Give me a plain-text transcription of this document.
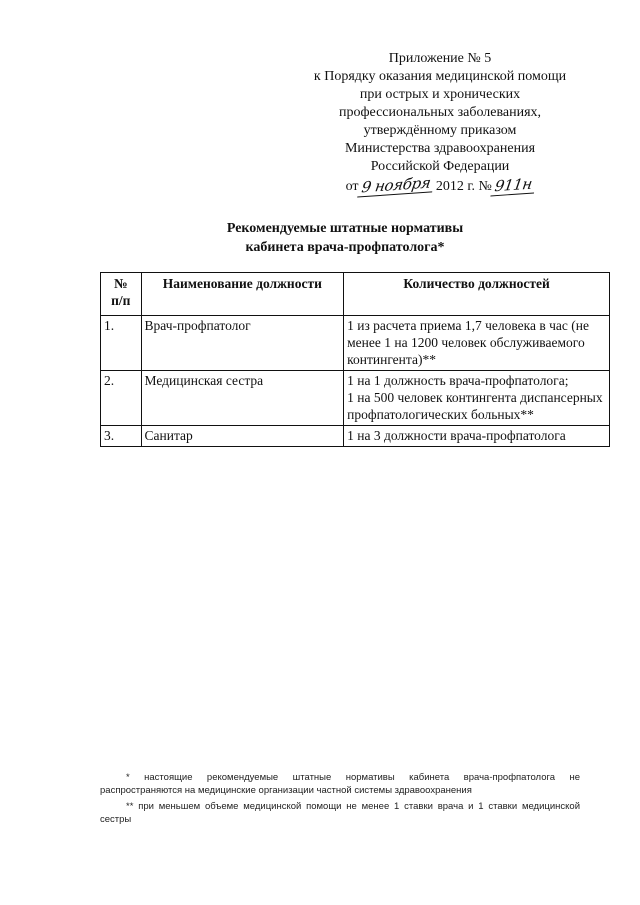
Приложение № 5
к Порядку оказания медицинской помощи
при острых и хронических
профессиональных заболеваниях,
утверждённому приказом
Министерства здравоохранения
Российской Федерации
от9 ноября 2012 г. № 911н
Рекомендуемые штатные нормативы
кабинета врача-профпатолога*
№
п/п	Наименование должности	Количество должностей
1.	Врач-профпатолог	1 из расчета приема 1,7 человека в час (не менее 1 на 1200 человек обслуживаемого контингента)**
2.	Медицинская сестра	1 на 1 должность врача-профпатолога;
1 на 500 человек контингента диспансерных профпатологических больных**

3.	Санитар	1 на 3 должности врача-профпатолога
* настоящие рекомендуемые штатные нормативы кабинета врача-профпатолога не
распространяются на медицинские организации частной системы здравоохранения
** при меньшем объеме медицинской помощи не менее 1 ставки врача и 1 ставки медицинской
сестры
